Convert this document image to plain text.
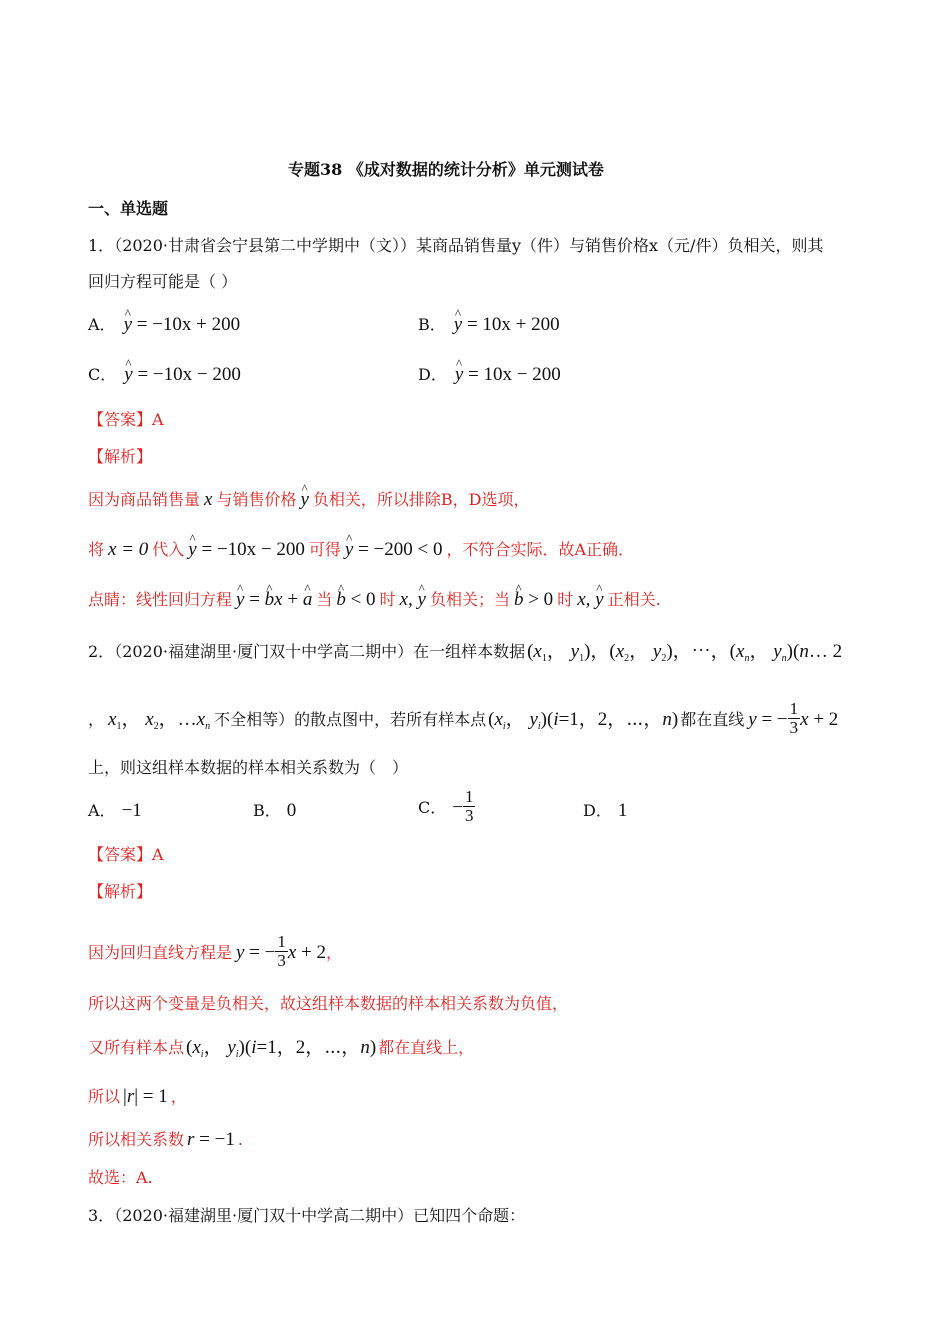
专题38 《成对数据的统计分析》单元测试卷
一、单选题
1．（2020·甘肃省会宁县第二中学期中（文））某商品销售量y（件）与销售价格x（元/件）负相关，则其
回归方程可能是（ ）
A． ^ y = −10x + 200	B． ^ y = 10x + 200
C． ^ y = −10x − 200	D． ^ y = 10x − 200
【答案】A
【解析】
因为商品销售量 x 与销售价格 ^ y 负相关，所以排除B，D选项，
将 x = 0 代入 ^ y = −10x − 200 可得 ^ y = −200 < 0 ，不符合实际．故A正确．
点睛：线性回归方程 ^ y = ^ bx + ^ a 当 ^ b < 0 时 x, ^ y 负相关；当 ^ b > 0 时 x, ^ y 正相关.
2．（2020·福建湖里·厦门双十中学高二期中）在一组样本数据 ($x_1$， $y_1$)，($x_2$， $y_2$)，⋯，($x_n$， $y_n)(n\dots$ 2
， $x_1$， $x_2$，$\dots x_n$ 不全相等）的散点图中，若所有样本点 ($x_i$， $y_i)(i=1$，2，⋯，n) 都在直线 y = − $\frac{1}{3}$ x + 2
上，则这组样本数据的样本相关系数为（　）
A． −1	B． 0	C． − $\frac{1}{3}$	D． 1
【答案】A
【解析】
因为回归直线方程是 y = − $\frac{1}{3}$ x + 2，
所以这两个变量是负相关，故这组样本数据的样本相关系数为负值，
又所有样本点 ($x_i$， $y_i)(i=1$，2，⋯，n) 都在直线上，
所以 |r| = 1 ，
所以相关系数 r = −1 .
故选：A.
3．（2020·福建湖里·厦门双十中学高二期中）已知四个命题：
